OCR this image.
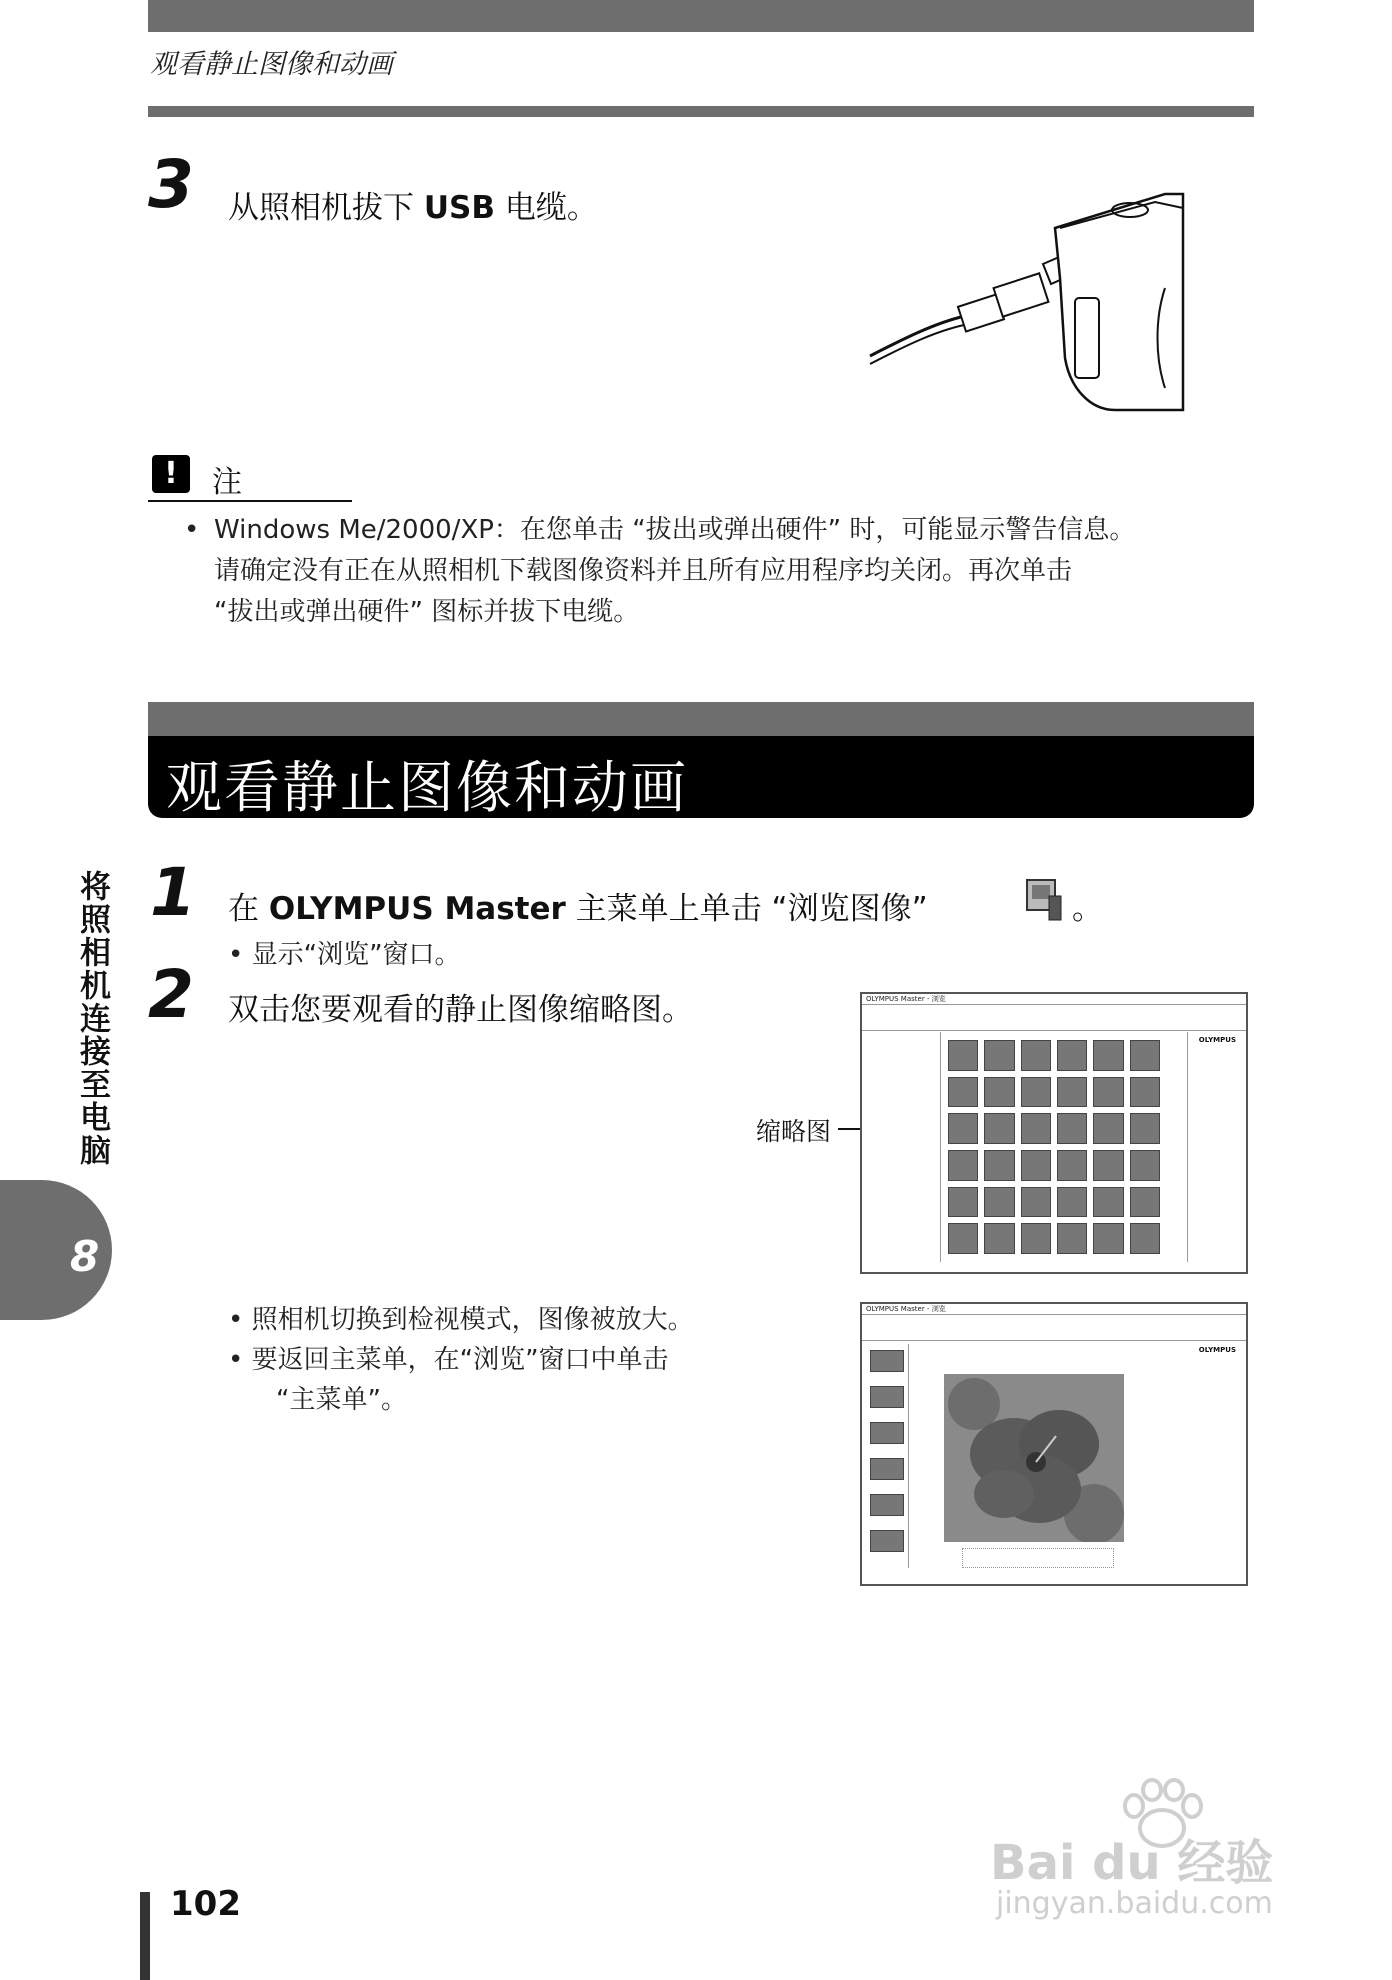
观看静止图像和动画
3 从照相机拔下 USB 电缆。
!	注
• Windows Me/2000/XP：在您单击 “拔出或弹出硬件” 时，可能显示警告信息。
请确定没有正在从照相机下载图像资料并且所有应用程序均关闭。再次单击
“拔出或弹出硬件” 图标并拔下电缆。
观看静止图像和动画
8
将照相机连接至电脑 1 在 OLYMPUS Master 主菜单上单击 “浏览图像”	。
• 显示“浏览”窗口。
2 双击您要观看的静止图像缩略图。
缩略图
OLYMPUS Master - 浏览
OLYMPUS
• 照相机切换到检视模式，图像被放大。
• 要返回主菜单，在“浏览”窗口中单击
“主菜单”。
OLYMPUS Master - 浏览
OLYMPUS
102
Bai du 经验
jingyan.baidu.com
